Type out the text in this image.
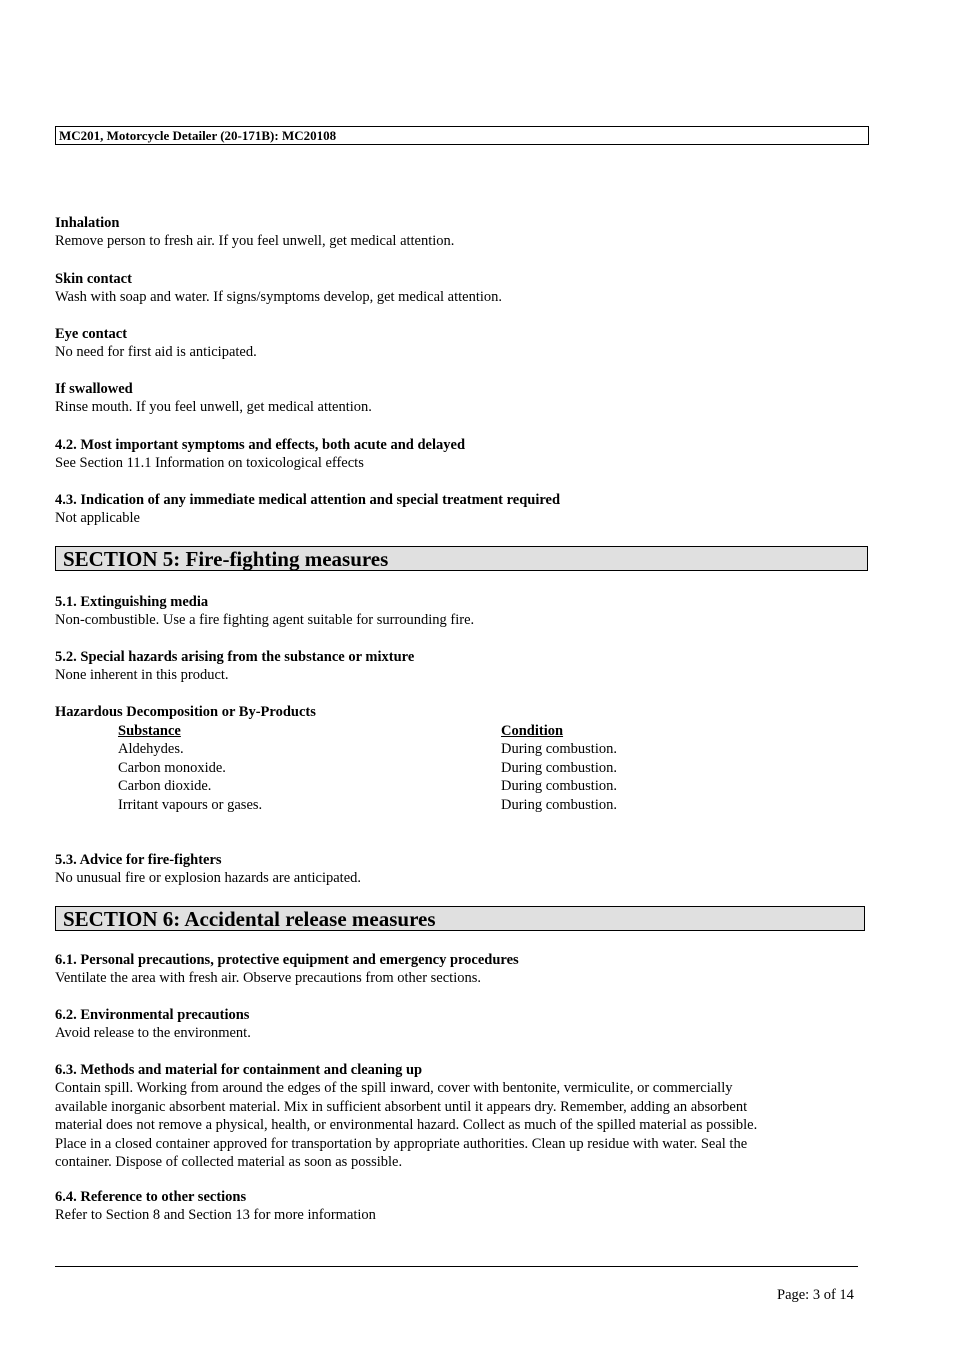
MC201, Motorcycle Detailer (20-171B): MC20108
Inhalation
Remove person to fresh air. If you feel unwell, get medical attention.
Skin contact
Wash with soap and water. If signs/symptoms develop, get medical attention.
Eye contact
No need for first aid is anticipated.
If swallowed
Rinse mouth. If you feel unwell, get medical attention.
4.2. Most important symptoms and effects, both acute and delayed
See Section 11.1 Information on toxicological effects
4.3. Indication of any immediate medical attention and special treatment required
Not applicable
SECTION 5: Fire-fighting measures
5.1. Extinguishing media
Non-combustible. Use a fire fighting agent suitable for surrounding fire.
5.2. Special hazards arising from the substance or mixture
None inherent in this product.
Hazardous Decomposition or By-Products
Substance	Condition
Aldehydes.	During combustion.
Carbon monoxide.	During combustion.
Carbon dioxide.	During combustion.
Irritant vapours or gases.	During combustion.
5.3. Advice for fire-fighters
No unusual fire or explosion hazards are anticipated.
SECTION 6: Accidental release measures
6.1. Personal precautions, protective equipment and emergency procedures
Ventilate the area with fresh air. Observe precautions from other sections.
6.2. Environmental precautions
Avoid release to the environment.
6.3. Methods and material for containment and cleaning up
Contain spill. Working from around the edges of the spill inward, cover with bentonite, vermiculite, or commercially
available inorganic absorbent material. Mix in sufficient absorbent until it appears dry. Remember, adding an absorbent
material does not remove a physical, health, or environmental hazard. Collect as much of the spilled material as possible.
Place in a closed container approved for transportation by appropriate authorities. Clean up residue with water. Seal the
container. Dispose of collected material as soon as possible.
6.4. Reference to other sections
Refer to Section 8 and Section 13 for more information
Page: 3 of 14
